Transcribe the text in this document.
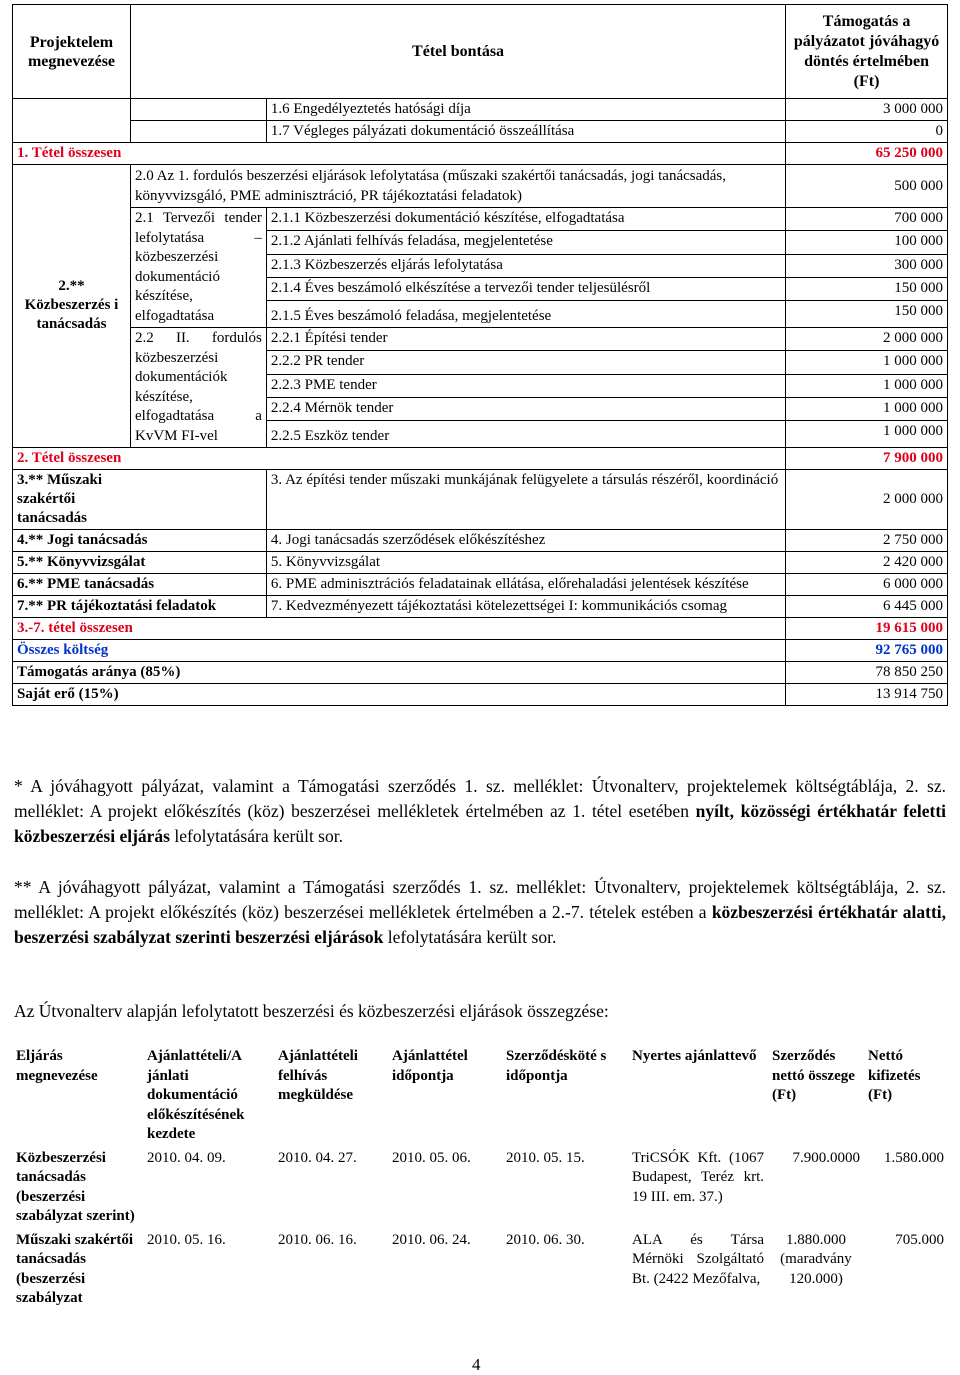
Projektelem megnevezése	Tétel bontása		Támogatás a pályázatot jóváhagyó döntés értelmében (Ft)
		1.6 Engedélyeztetés hatósági díja	3 000 000
		1.7 Végleges pályázati dokumentáció összeállítása	0
1. Tétel összesen			65 250 000

2.** Közbeszerzés i tanácsadás	2.0 Az 1. fordulós beszerzési eljárások lefolytatása (műszaki szakértői tanácsadás, jogi tanácsadás, könyvvizsgáló, PME adminisztráció, PR tájékoztatási feladatok)		500 000
	2.1 Tervezői tender lefolytatása – közbeszerzési dokumentáció készítése, elfogadtatása	2.1.1 Közbeszerzési dokumentáció készítése, elfogadtatása	700 000
		2.1.2 Ajánlati felhívás feladása, megjelentetése	100 000
		2.1.3 Közbeszerzés eljárás lefolytatása	300 000
		2.1.4 Éves beszámoló elkészítése a tervezői tender teljesülésről	150 000
		2.1.5 Éves beszámoló feladása, megjelentetése	150 000
	2.2 II. fordulós közbeszerzési dokumentációk készítése, elfogadtatása a KvVM FI-vel	2.2.1 Építési tender	2 000 000
		2.2.2 PR tender	1 000 000
		2.2.3 PME tender	1 000 000
		2.2.4 Mérnök tender	1 000 000
		2.2.5 Eszköz tender	1 000 000
2. Tétel összesen			7 900 000
3.** Műszaki szakértői tanácsadás		3. Az építési tender műszaki munkájának felügyelete a társulás részéről, koordináció	2 000 000
4.** Jogi tanácsadás		4. Jogi tanácsadás szerződések előkészítéshez	2 750 000
5.** Könyvvizsgálat		5. Könyvvizsgálat	2 420 000
6.** PME tanácsadás		6. PME adminisztrációs feladatainak ellátása, előrehaladási jelentések készítése	6 000 000
7.** PR tájékoztatási feladatok		7. Kedvezményezett tájékoztatási kötelezettségei I: kommunikációs csomag	6 445 000
3.-7. tétel összesen			19 615 000
Összes költség			92 765 000
Támogatás aránya (85%)			78 850 250
Saját erő (15%)			13 914 750

* A jóváhagyott pályázat, valamint a Támogatási szerződés 1. sz. melléklet: Útvonalterv, projektelemek költségtáblája, 2. sz. melléklet: A projekt előkészítés (köz) beszerzései mellékletek értelmében az 1. tétel esetében nyílt, közösségi értékhatár feletti közbeszerzési eljárás lefolytatására került sor.

** A jóváhagyott pályázat, valamint a Támogatási szerződés 1. sz. melléklet: Útvonalterv, projektelemek költségtáblája, 2. sz. melléklet: A projekt előkészítés (köz) beszerzései mellékletek értelmében a 2.-7. tételek estében a közbeszerzési értékhatár alatti, beszerzési szabályzat szerinti beszerzési eljárások lefolytatására került sor.

Az Útvonalterv alapján lefolytatott beszerzési és közbeszerzési eljárások összegzése:

Eljárás megnevezése	Ajánlattételi/A jánlati dokumentáció előkészítésének kezdete	Ajánlattételi felhívás megküldése	Ajánlattétel időpontja	Szerződésköté s időpontja	Nyertes ajánlattevő	Szerződés nettó összege (Ft)	Nettó kifizetés (Ft)
Közbeszerzési tanácsadás (beszerzési szabályzat szerint)	2010. 04. 09.	2010. 04. 27.	2010. 05. 06.	2010. 05. 15.	TriCSÓK Kft. (1067 Budapest, Teréz krt. 19 III. em. 37.)	7.900.0000	1.580.000
Műszaki szakértői tanácsadás (beszerzési szabályzat	2010. 05. 16.	2010. 06. 16.	2010. 06. 24.	2010. 06. 30.	ALA és Társa Mérnöki Szolgáltató Bt. (2422 Mezőfalva,	1.880.000 (maradvány 120.000)	705.000
4
